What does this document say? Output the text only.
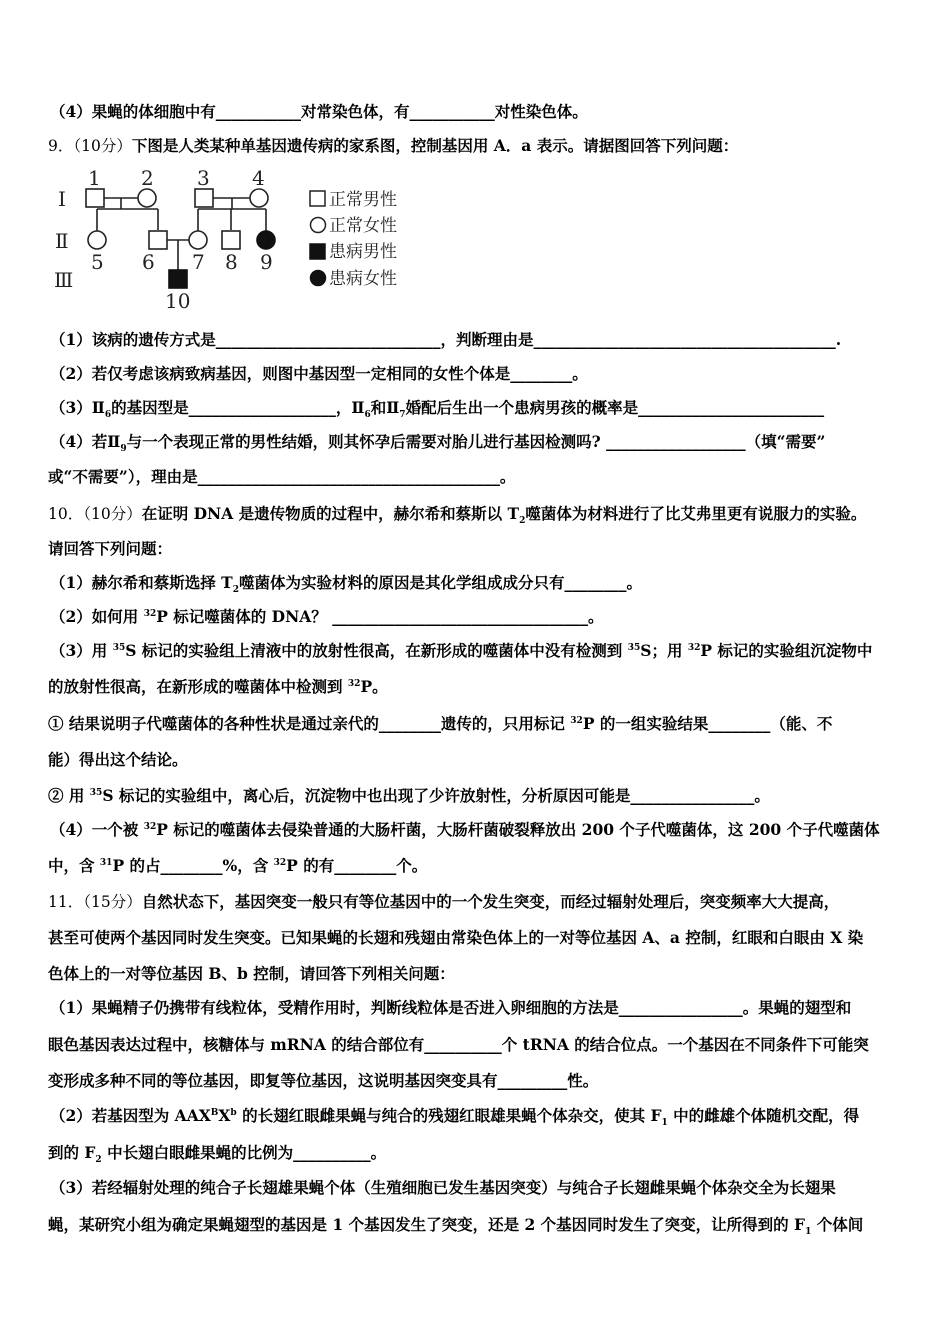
（4）果蝇的体细胞中有___________对常染色体，有___________对性染色体。
9．（10分）下图是人类某种单基因遗传病的家系图，控制基因用 A．a 表示。请据图回答下列问题：
Ⅰ
Ⅱ
Ⅲ
1 2 3 4
5 6 7 8 9
10
正常男性
正常女性
患病男性
患病女性
（1）该病的遗传方式是_____________________________，判断理由是_______________________________________.
（2）若仅考虑该病致病基因，则图中基因型一定相同的女性个体是________。
$(3)Ⅱ_6$的基因型是___________________，$Ⅱ_6$和$Ⅱ_7$婚配后生出一个患病男孩的概率是________________________
（4）若$Ⅱ_9$与一个表现正常的男性结婚，则其怀孕后需要对胎儿进行基因检测吗? __________________（填“需要”
或“不需要”），理由是_______________________________________。
10．（10分）在证明 DNA 是遗传物质的过程中，赫尔希和蔡斯以 $T_2$噬菌体为材料进行了比艾弗里更有说服力的实验。
请回答下列问题：
（1）赫尔希和蔡斯选择 $T_2$噬菌体为实验材料的原因是其化学组成成分只有________。
（2）如何用 $^{32}$P 标记噬菌体的 DNA？ _________________________________。
（3）用 $^{35}$S 标记的实验组上清液中的放射性很高，在新形成的噬菌体中没有检测到 $^{35}$S；用 $^{32}$P 标记的实验组沉淀物中
的放射性很高，在新形成的噬菌体中检测到 $^{32}$P。
① 结果说明子代噬菌体的各种性状是通过亲代的________遗传的，只用标记 $^{32}$P 的一组实验结果________（能、不
能）得出这个结论。
② 用 $^{35}$S 标记的实验组中，离心后，沉淀物中也出现了少许放射性，分析原因可能是________________。
（4）一个被 $^{32}$P 标记的噬菌体去侵染普通的大肠杆菌，大肠杆菌破裂释放出 200 个子代噬菌体，这 200 个子代噬菌体
中，含 $^{31}$P 的占________%，含 $^{32}$P 的有________个。
11．（15分）自然状态下，基因突变一般只有等位基因中的一个发生突变，而经过辐射处理后，突变频率大大提高，
甚至可使两个基因同时发生突变。已知果蝇的长翅和残翅由常染色体上的一对等位基因 A、a 控制，红眼和白眼由 X 染
色体上的一对等位基因 B、b 控制，请回答下列相关问题：
（1）果蝇精子仍携带有线粒体，受精作用时，判断线粒体是否进入卵细胞的方法是________________。果蝇的翅型和
眼色基因表达过程中，核糖体与 mRNA 的结合部位有__________个 tRNA 的结合位点。一个基因在不同条件下可能突
变形成多种不同的等位基因，即复等位基因，这说明基因突变具有_________性。
（2）若基因型为 $AAX^BX^b$ 的长翅红眼雌果蝇与纯合的残翅红眼雄果蝇个体杂交，使其 $F_1$ 中的雌雄个体随机交配，得
到的 $F_2$ 中长翅白眼雌果蝇的比例为__________。
（3）若经辐射处理的纯合子长翅雄果蝇个体（生殖细胞已发生基因突变）与纯合子长翅雌果蝇个体杂交全为长翅果
蝇，某研究小组为确定果蝇翅型的基因是 1 个基因发生了突变，还是 2 个基因同时发生了突变，让所得到的 $F_1$ 个体间
